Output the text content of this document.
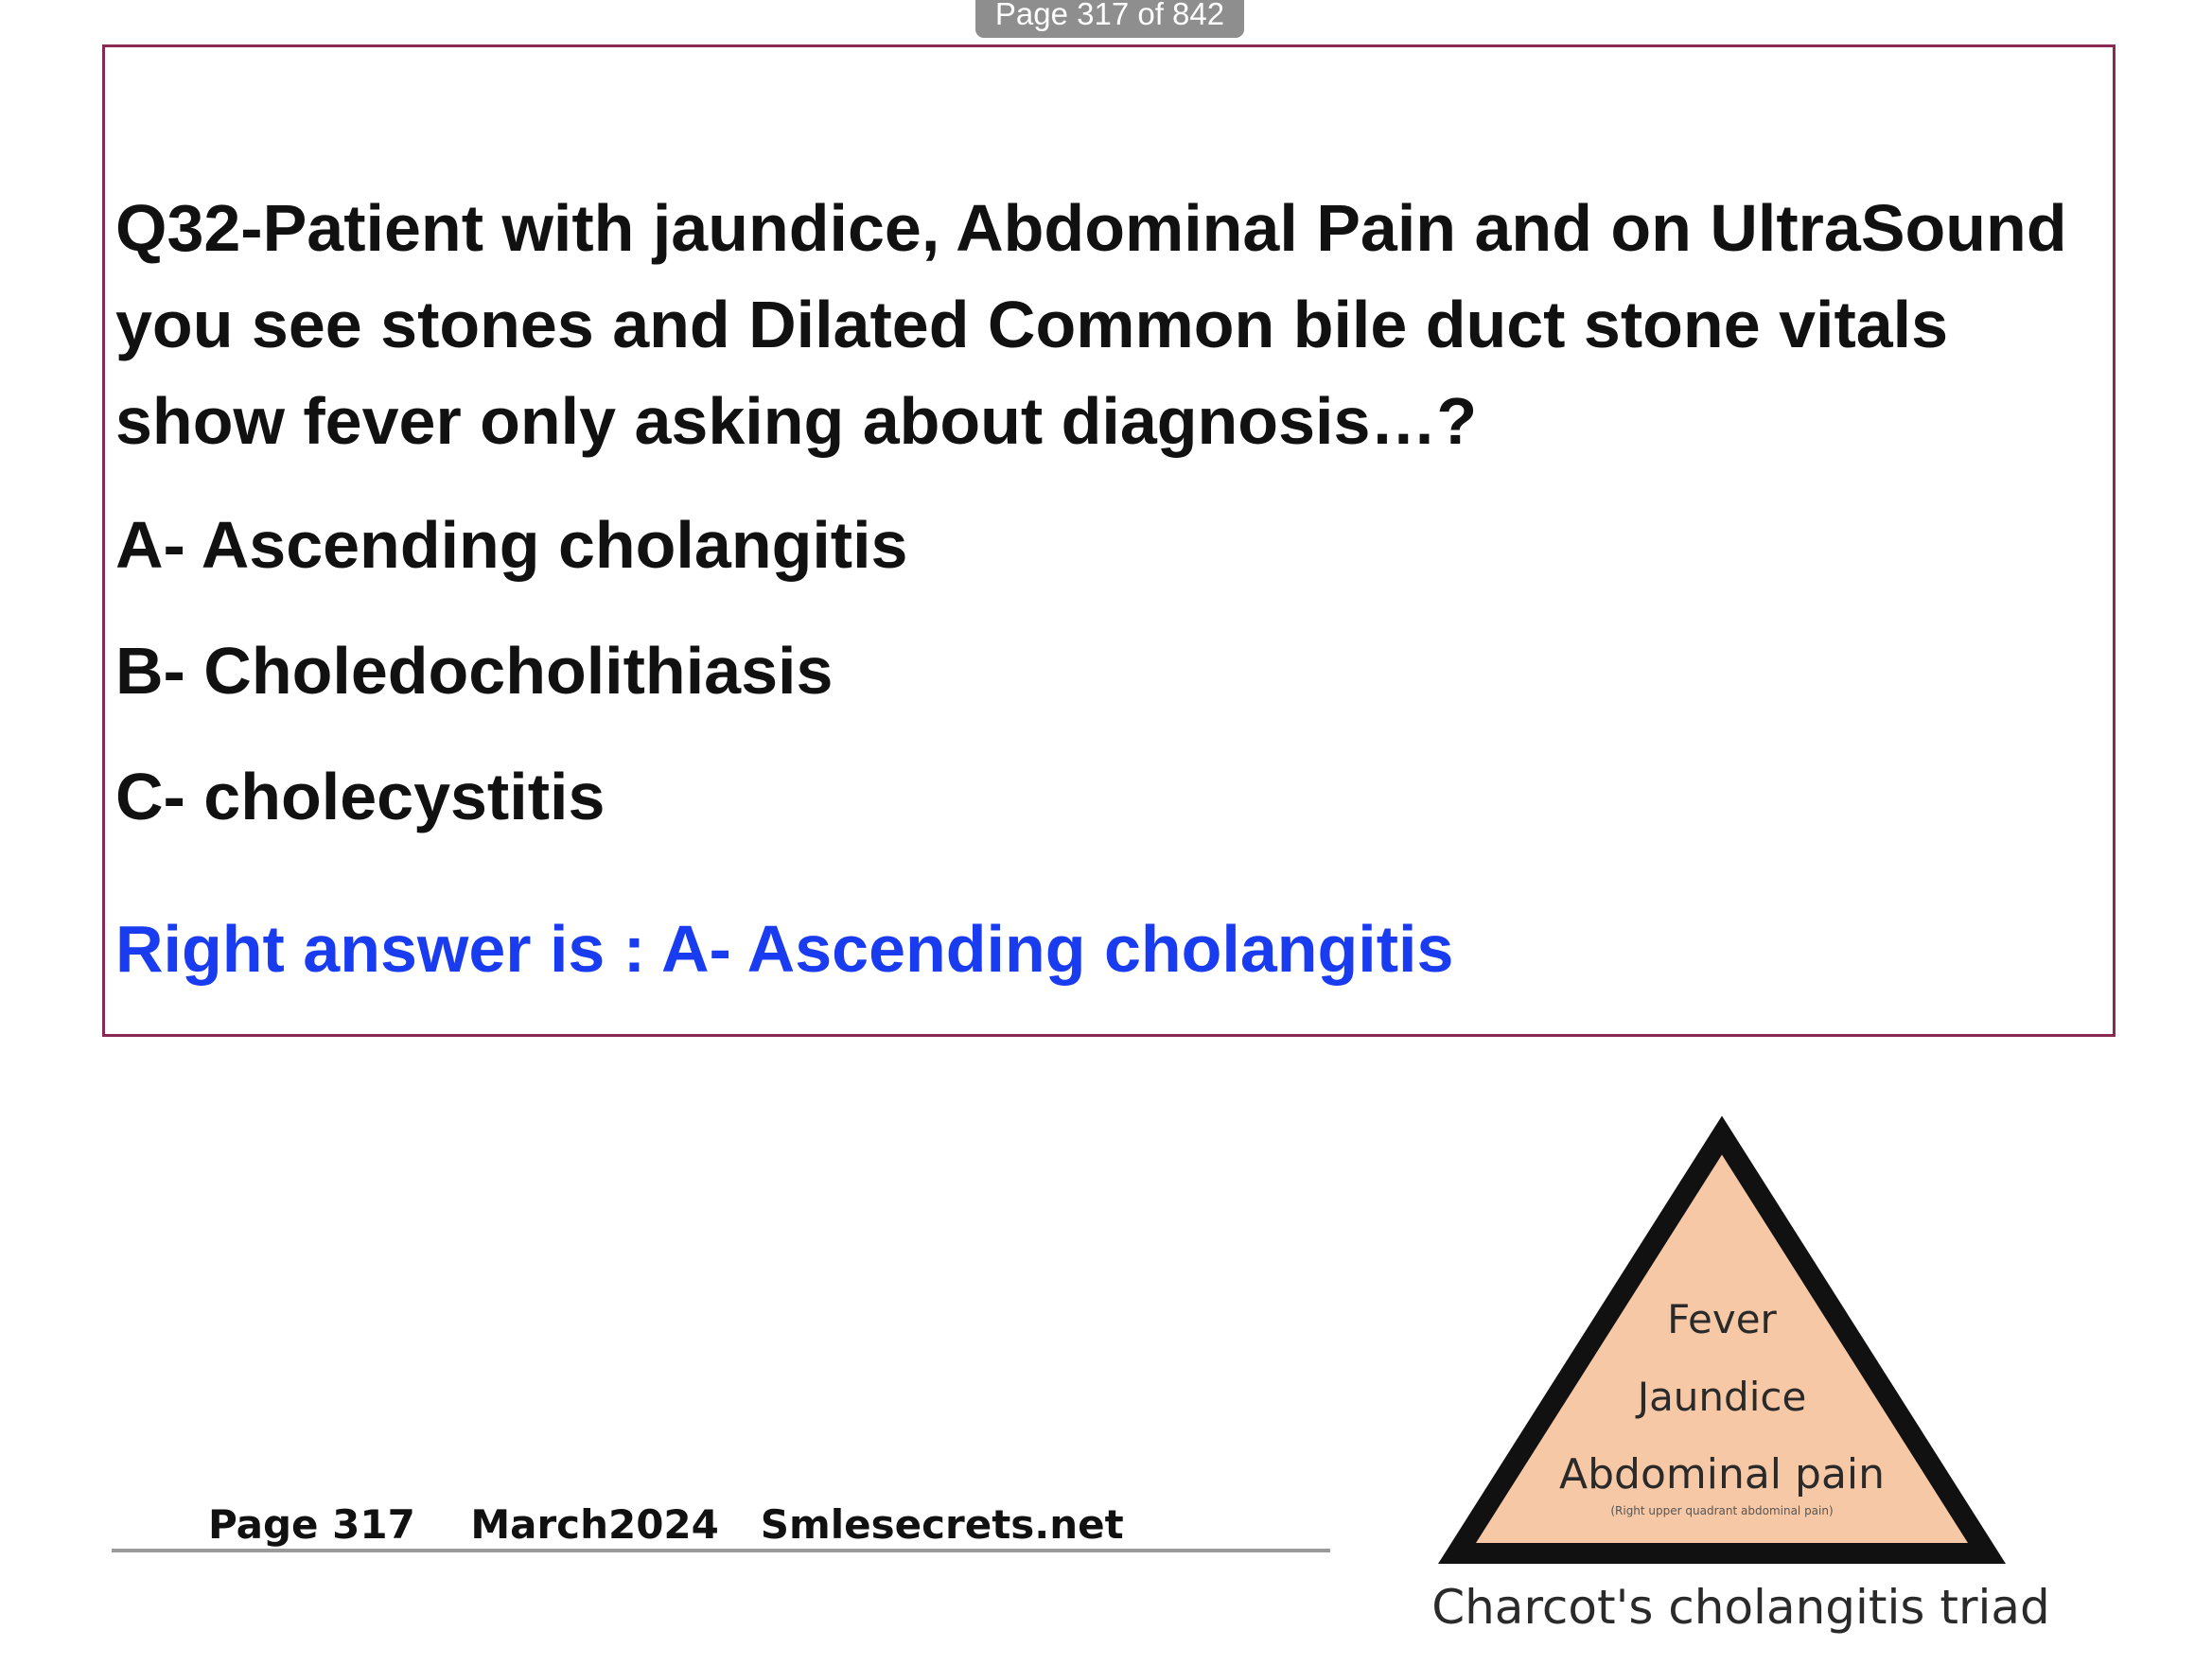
Page 317 of 842

Q32-Patient with jaundice, Abdominal Pain and on UltraSound you see stones and Dilated Common bile duct stone vitals show fever only asking about diagnosis…?

A- Ascending cholangitis

B- Choledocholithiasis

C- cholecystitis

Right answer is : A- Ascending cholangitis

Page 317    March2024   Smlesecrets.net
Fever
Jaundice
Abdominal pain
(Right upper quadrant abdominal pain)
Charcot's cholangitis triad
